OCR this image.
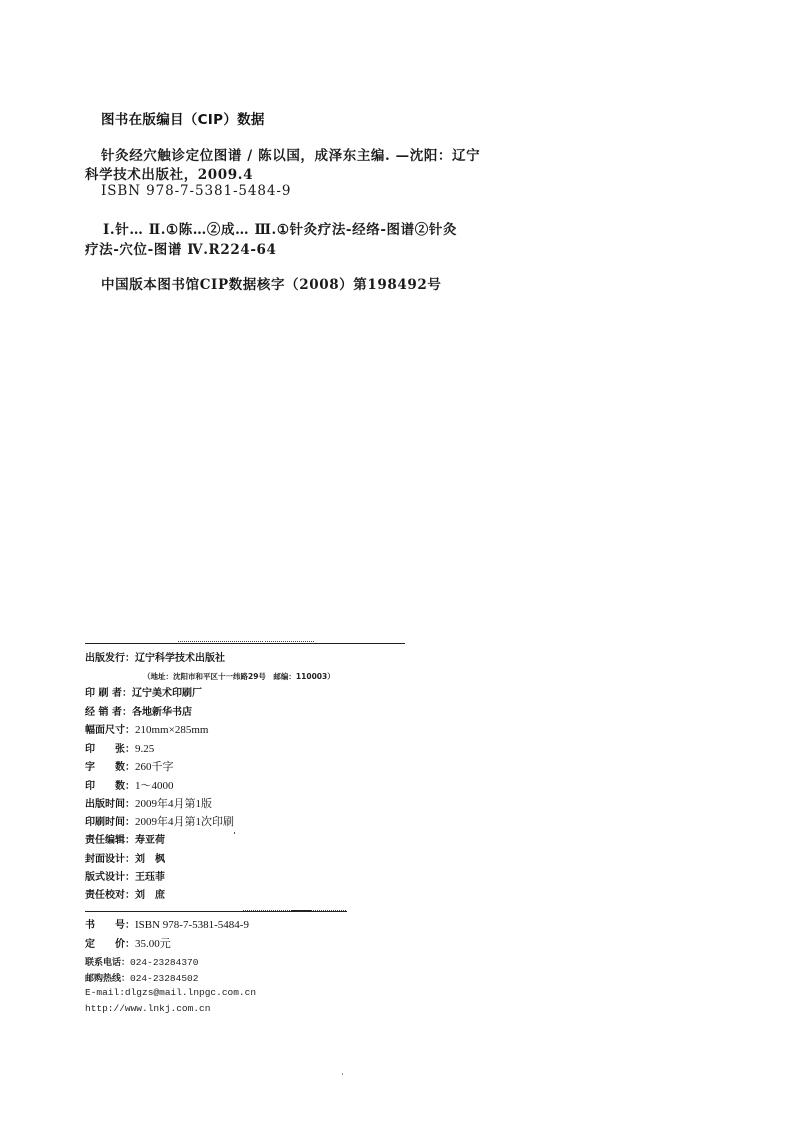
图书在版编目（CIP）数据
针灸经穴触诊定位图谱 / 陈以国，成泽东主编. —沈阳：辽宁
科学技术出版社，2009.4
ISBN 978-7-5381-5484-9
Ⅰ.针… Ⅱ.①陈…②成… Ⅲ.①针灸疗法-经络-图谱②针灸
疗法-穴位-图谱 Ⅳ.R224-64
中国版本图书馆CIP数据核字（2008）第198492号
出版发行：辽宁科学技术出版社
（地址：沈阳市和平区十一纬路29号　邮编：110003）
印 刷 者：辽宁美术印刷厂
经 销 者：各地新华书店
幅面尺寸：210mm×285mm
印　　张：9.25
字　　数：260千字
印　　数：1～4000
出版时间：2009年4月第1版
印刷时间：2009年4月第1次印刷
责任编辑：寿亚荷
封面设计：刘　枫
版式设计：王珏菲
责任校对：刘　庶
书　　号：ISBN 978-7-5381-5484-9
定　　价：35.00元
联系电话：024-23284370
邮购热线：024-23284502
E-mail:dlgzs@mail.lnpgc.com.cn
http://www.lnkj.com.cn
